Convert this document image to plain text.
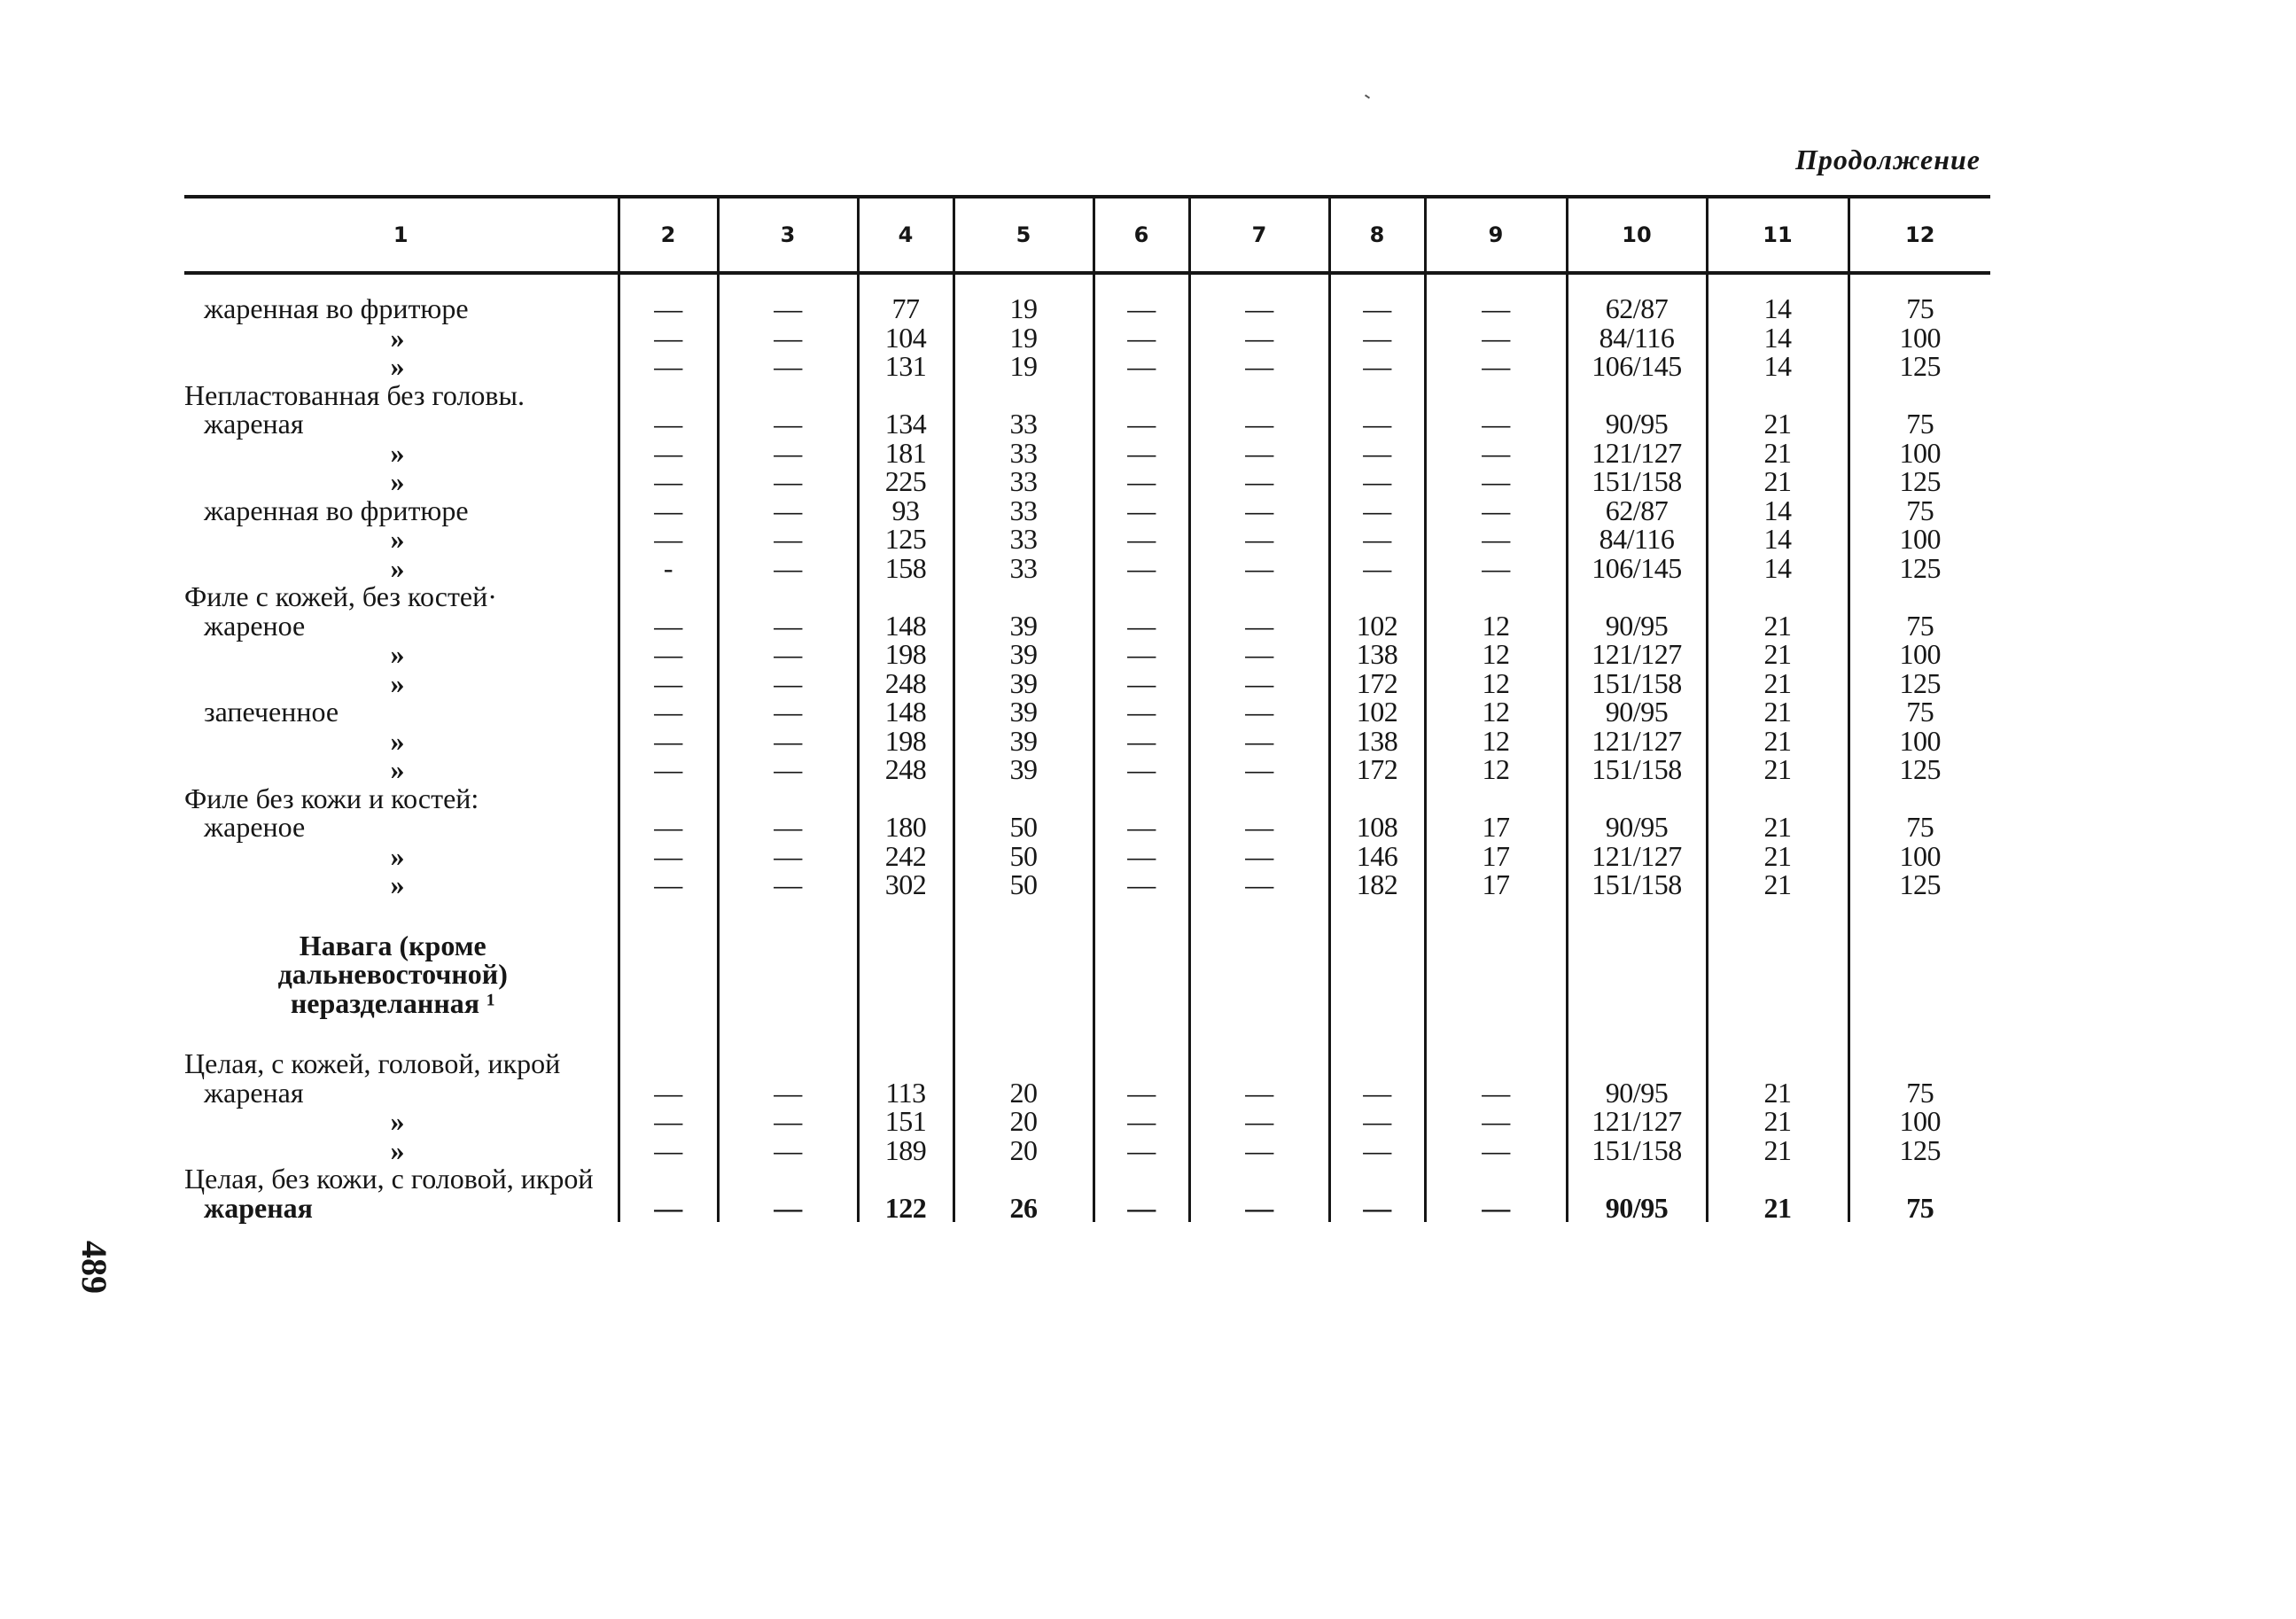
Продолжение
489
1	2	3	4	5	6	7	8	9	10	11	12
жаренная во фритюре	—	—	77	19	—	—	—	—	62/87	14	75

»	—	—	104	19	—	—	—	—	84/116	14	100

»	—	—	131	19	—	—	—	—	106/145	14	125
Непластованная без головы.											
жареная	—	—	134	33	—	—	—	—	90/95	21	75

»	—	—	181	33	—	—	—	—	121/127	21	100

»	—	—	225	33	—	—	—	—	151/158	21	125
жаренная во фритюре	—	—	93	33	—	—	—	—	62/87	14	75

»	—	—	125	33	—	—	—	—	84/116	14	100

»	-	—	158	33	—	—	—	—	106/145	14	125
Филе с кожей, без костей·											
жареное	—	—	148	39	—	—	102	12	90/95	21	75

»	—	—	198	39	—	—	138	12	121/127	21	100

»	—	—	248	39	—	—	172	12	151/158	21	125
запеченное	—	—	148	39	—	—	102	12	90/95	21	75

»	—	—	198	39	—	—	138	12	121/127	21	100

»	—	—	248	39	—	—	172	12	151/158	21	125
Филе без кожи и костей:											
жареное	—	—	180	50	—	—	108	17	90/95	21	75

»	—	—	242	50	—	—	146	17	121/127	21	100

»	—	—	302	50	—	—	182	17	151/158	21	125

Навага (кроме дальневосточной) неразделанная ¹											

Целая, с кожей, головой, икрой											

жареная	—	—	113	20	—	—	—	—	90/95	21	75

»	—	—	151	20	—	—	—	—	121/127	21	100

»	—	—	189	20	—	—	—	—	151/158	21	125

Целая, без кожи, с головой, икрой											

жареная	—	—	122	26	—	—	—	—	90/95	21	75
